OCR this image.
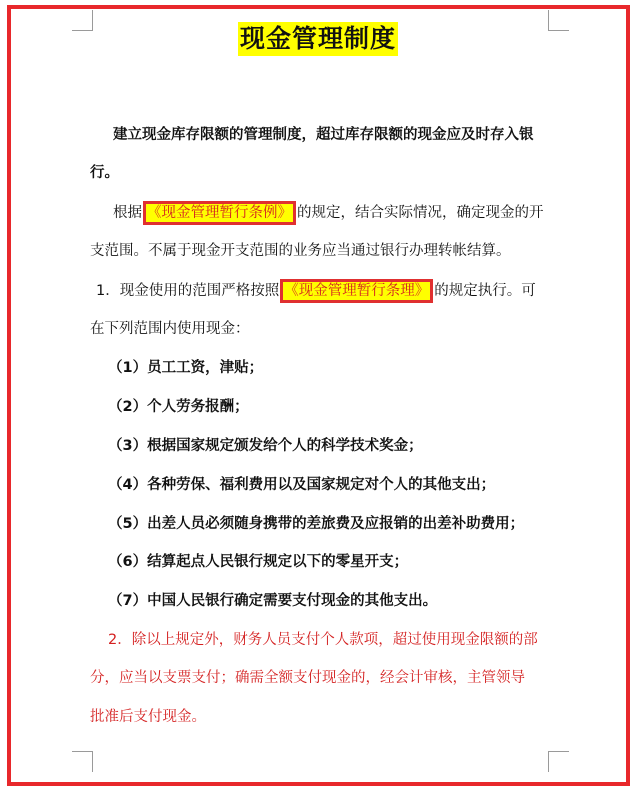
现金管理制度
建立现金库存限额的管理制度，超过库存限额的现金应及时存入银
行。
根据 《现金管理暂行条例》 的规定，结合实际情况，确定现金的开
支范围。不属于现金开支范围的业务应当通过银行办理转帐结算。
1．现金使用的范围严格按照 《现金管理暂行条理》 的规定执行。可
在下列范围内使用现金：
（1）员工工资，津贴；
（2）个人劳务报酬；
（3）根据国家规定颁发给个人的科学技术奖金；
（4）各种劳保、福利费用以及国家规定对个人的其他支出；
（5）出差人员必须随身携带的差旅费及应报销的出差补助费用；
（6）结算起点人民银行规定以下的零星开支；
（7）中国人民银行确定需要支付现金的其他支出。
2．除以上规定外，财务人员支付个人款项，超过使用现金限额的部
分，应当以支票支付；确需全额支付现金的，经会计审核，主管领导
批准后支付现金。
